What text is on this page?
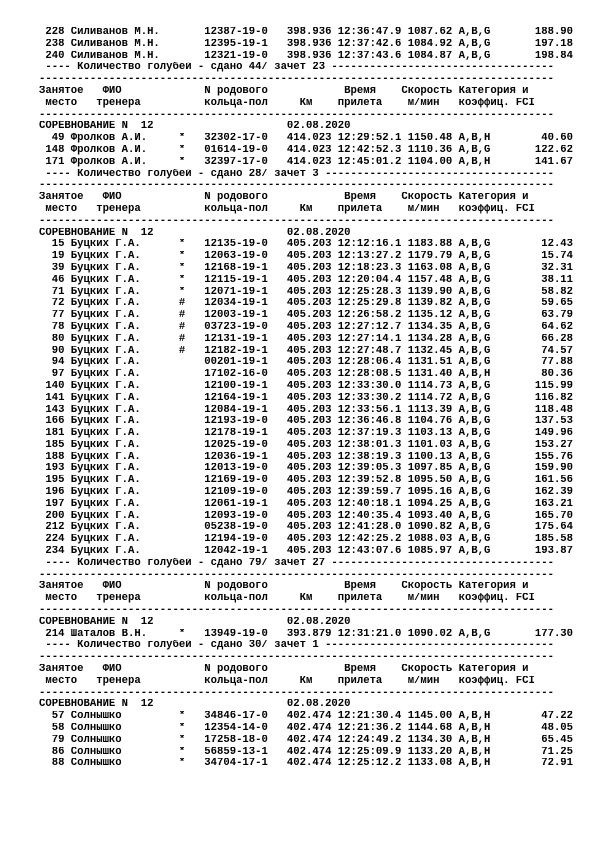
228 Силиванов М.Н.       12387-19-0   398.936 12:36:47.9 1087.62 A,B,G       188.90
238 Силиванов М.Н.       12395-19-1   398.936 12:37:42.6 1084.92 A,B,G       197.18
240 Силиванов М.Н.       12321-19-0   398.936 12:37:43.6 1084.87 A,B,G       198.84
---- Количество голубей - сдано 44/ зачет 23 -----------------------------------
---------------------------------------------------------------------------------
Занятое   ФИО             N родового            Время    Скорость Категория и
место   тренера          кольца-пол     Км    прилета    м/мин   коэффиц. FCI
---------------------------------------------------------------------------------
СОРЕВНОВАНИЕ N  12                     02.08.2020
49 Фролков А.И.     *   32302-17-0   414.023 12:29:52.1 1150.48 A,B,H        40.60
148 Фролков А.И.     *   01614-19-0   414.023 12:42:52.3 1110.36 A,B,G       122.62
171 Фролков А.И.     *   32397-17-0   414.023 12:45:01.2 1104.00 A,B,H       141.67
---- Количество голубей - сдано 28/ зачет 3 ------------------------------------
---------------------------------------------------------------------------------
Занятое   ФИО             N родового            Время    Скорость Категория и
место   тренера          кольца-пол     Км    прилета    м/мин   коэффиц. FCI
---------------------------------------------------------------------------------
СОРЕВНОВАНИЕ N  12                     02.08.2020
15 Буцких Г.А.      *   12135-19-0   405.203 12:12:16.1 1183.88 A,B,G        12.43
19 Буцких Г.А.      *   12063-19-0   405.203 12:13:27.2 1179.79 A,B,G        15.74
39 Буцких Г.А.      *   12168-19-1   405.203 12:18:23.3 1163.08 A,B,G        32.31
46 Буцких Г.А.      *   12115-19-1   405.203 12:20:04.4 1157.48 A,B,G        38.11
71 Буцких Г.А.      *   12071-19-1   405.203 12:25:28.3 1139.90 A,B,G        58.82
72 Буцких Г.А.      #   12034-19-1   405.203 12:25:29.8 1139.82 A,B,G        59.65
77 Буцких Г.А.      #   12003-19-1   405.203 12:26:58.2 1135.12 A,B,G        63.79
78 Буцких Г.А.      #   03723-19-0   405.203 12:27:12.7 1134.35 A,B,G        64.62
80 Буцких Г.А.      #   12131-19-1   405.203 12:27:14.1 1134.28 A,B,G        66.28
90 Буцких Г.А.      #   12182-19-1   405.203 12:27:48.7 1132.45 A,B,G        74.57
94 Буцких Г.А.          00201-19-1   405.203 12:28:06.4 1131.51 A,B,G        77.88
97 Буцких Г.А.          17102-16-0   405.203 12:28:08.5 1131.40 A,B,H        80.36
140 Буцких Г.А.          12100-19-1   405.203 12:33:30.0 1114.73 A,B,G       115.99
141 Буцких Г.А.          12164-19-1   405.203 12:33:30.2 1114.72 A,B,G       116.82
143 Буцких Г.А.          12084-19-1   405.203 12:33:56.1 1113.39 A,B,G       118.48
166 Буцких Г.А.          12193-19-0   405.203 12:36:46.8 1104.76 A,B,G       137.53
181 Буцких Г.А.          12178-19-1   405.203 12:37:19.3 1103.13 A,B,G       149.96
185 Буцких Г.А.          12025-19-0   405.203 12:38:01.3 1101.03 A,B,G       153.27
188 Буцких Г.А.          12036-19-1   405.203 12:38:19.3 1100.13 A,B,G       155.76
193 Буцких Г.А.          12013-19-0   405.203 12:39:05.3 1097.85 A,B,G       159.90
195 Буцких Г.А.          12169-19-0   405.203 12:39:52.8 1095.50 A,B,G       161.56
196 Буцких Г.А.          12109-19-0   405.203 12:39:59.7 1095.16 A,B,G       162.39
197 Буцких Г.А.          12061-19-1   405.203 12:40:18.1 1094.25 A,B,G       163.21
200 Буцких Г.А.          12093-19-0   405.203 12:40:35.4 1093.40 A,B,G       165.70
212 Буцких Г.А.          05238-19-0   405.203 12:41:28.0 1090.82 A,B,G       175.64
224 Буцких Г.А.          12194-19-0   405.203 12:42:25.2 1088.03 A,B,G       185.58
234 Буцких Г.А.          12042-19-1   405.203 12:43:07.6 1085.97 A,B,G       193.87
---- Количество голубей - сдано 79/ зачет 27 -----------------------------------
---------------------------------------------------------------------------------
Занятое   ФИО             N родового            Время    Скорость Категория и
место   тренера          кольца-пол     Км    прилета    м/мин   коэффиц. FCI
---------------------------------------------------------------------------------
СОРЕВНОВАНИЕ N  12                     02.08.2020
214 Шаталов В.Н.     *   13949-19-0   393.879 12:31:21.0 1090.02 A,B,G       177.30
---- Количество голубей - сдано 30/ зачет 1 ------------------------------------
---------------------------------------------------------------------------------
Занятое   ФИО             N родового            Время    Скорость Категория и
место   тренера          кольца-пол     Км    прилета    м/мин   коэффиц. FCI
---------------------------------------------------------------------------------
СОРЕВНОВАНИЕ N  12                     02.08.2020
57 Солнышко         *   34846-17-0   402.474 12:21:30.4 1145.00 A,B,H        47.22
58 Солнышко         *   12354-14-0   402.474 12:21:36.2 1144.68 A,B,H        48.05
79 Солнышко         *   17258-18-0   402.474 12:24:49.2 1134.30 A,B,H        65.45
86 Солнышко         *   56859-13-1   402.474 12:25:09.9 1133.20 A,B,H        71.25
88 Солнышко         *   34704-17-1   402.474 12:25:12.2 1133.08 A,B,H        72.91
